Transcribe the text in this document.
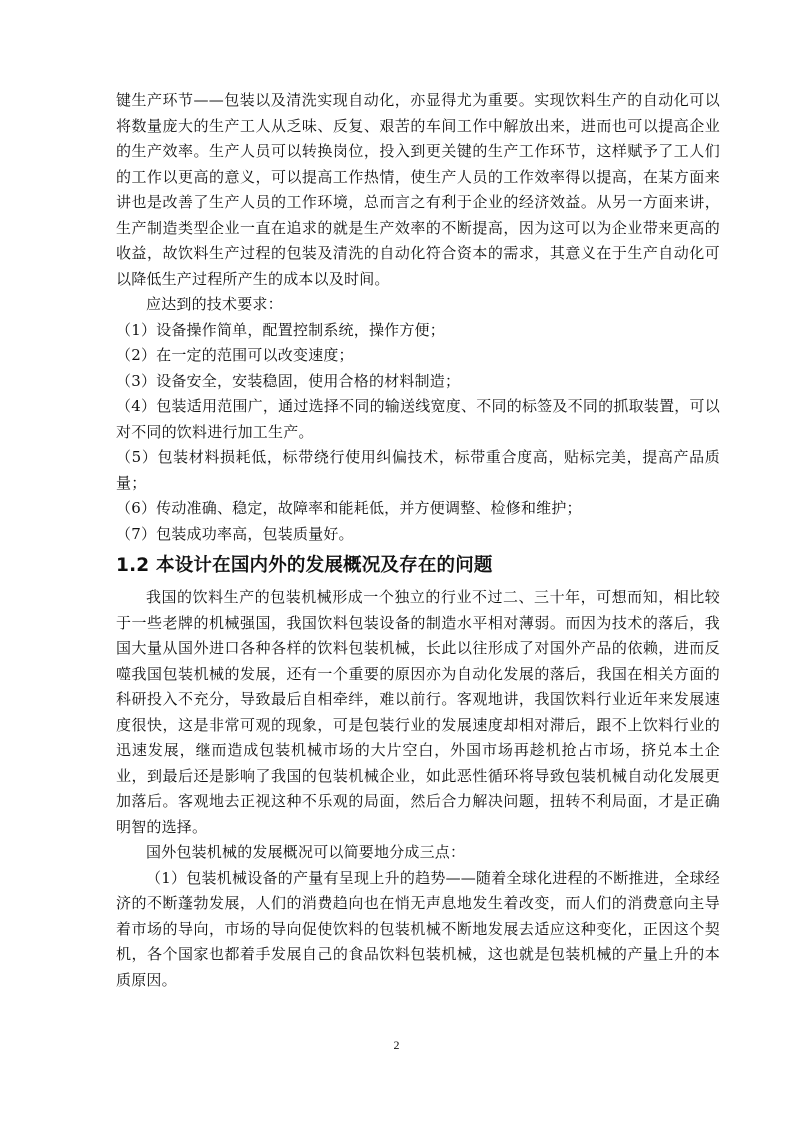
键生产环节——包装以及清洗实现自动化，亦显得尤为重要。实现饮料生产的自动化可以将数量庞大的生产工人从乏味、反复、艰苦的车间工作中解放出来，进而也可以提高企业的生产效率。生产人员可以转换岗位，投入到更关键的生产工作环节，这样赋予了工人们的工作以更高的意义，可以提高工作热情，使生产人员的工作效率得以提高，在某方面来讲也是改善了生产人员的工作环境，总而言之有利于企业的经济效益。从另一方面来讲，生产制造类型企业一直在追求的就是生产效率的不断提高，因为这可以为企业带来更高的收益，故饮料生产过程的包装及清洗的自动化符合资本的需求，其意义在于生产自动化可以降低生产过程所产生的成本以及时间。

应达到的技术要求：

（1）设备操作简单，配置控制系统，操作方便；

（2）在一定的范围可以改变速度；

（3）设备安全，安装稳固，使用合格的材料制造；

（4）包装适用范围广，通过选择不同的输送线宽度、不同的标签及不同的抓取装置，可以对不同的饮料进行加工生产。

（5）包装材料损耗低，标带绕行使用纠偏技术，标带重合度高，贴标完美，提高产品质量；

（6）传动准确、稳定，故障率和能耗低，并方便调整、检修和维护；

（7）包装成功率高，包装质量好。

1.2 本设计在国内外的发展概况及存在的问题

我国的饮料生产的包装机械形成一个独立的行业不过二、三十年，可想而知，相比较于一些老牌的机械强国，我国饮料包装设备的制造水平相对薄弱。而因为技术的落后，我国大量从国外进口各种各样的饮料包装机械，长此以往形成了对国外产品的依赖，进而反噬我国包装机械的发展，还有一个重要的原因亦为自动化发展的落后，我国在相关方面的科研投入不充分，导致最后自相牵绊，难以前行。客观地讲，我国饮料行业近年来发展速度很快，这是非常可观的现象，可是包装行业的发展速度却相对滞后，跟不上饮料行业的迅速发展，继而造成包装机械市场的大片空白，外国市场再趁机抢占市场，挤兑本土企业，到最后还是影响了我国的包装机械企业，如此恶性循环将导致包装机械自动化发展更加落后。客观地去正视这种不乐观的局面，然后合力解决问题，扭转不利局面，才是正确明智的选择。

国外包装机械的发展概况可以简要地分成三点：

（1）包装机械设备的产量有呈现上升的趋势——随着全球化进程的不断推进，全球经济的不断蓬勃发展，人们的消费趋向也在悄无声息地发生着改变，而人们的消费意向主导着市场的导向，市场的导向促使饮料的包装机械不断地发展去适应这种变化，正因这个契机，各个国家也都着手发展自己的食品饮料包装机械，这也就是包装机械的产量上升的本质原因。

2
